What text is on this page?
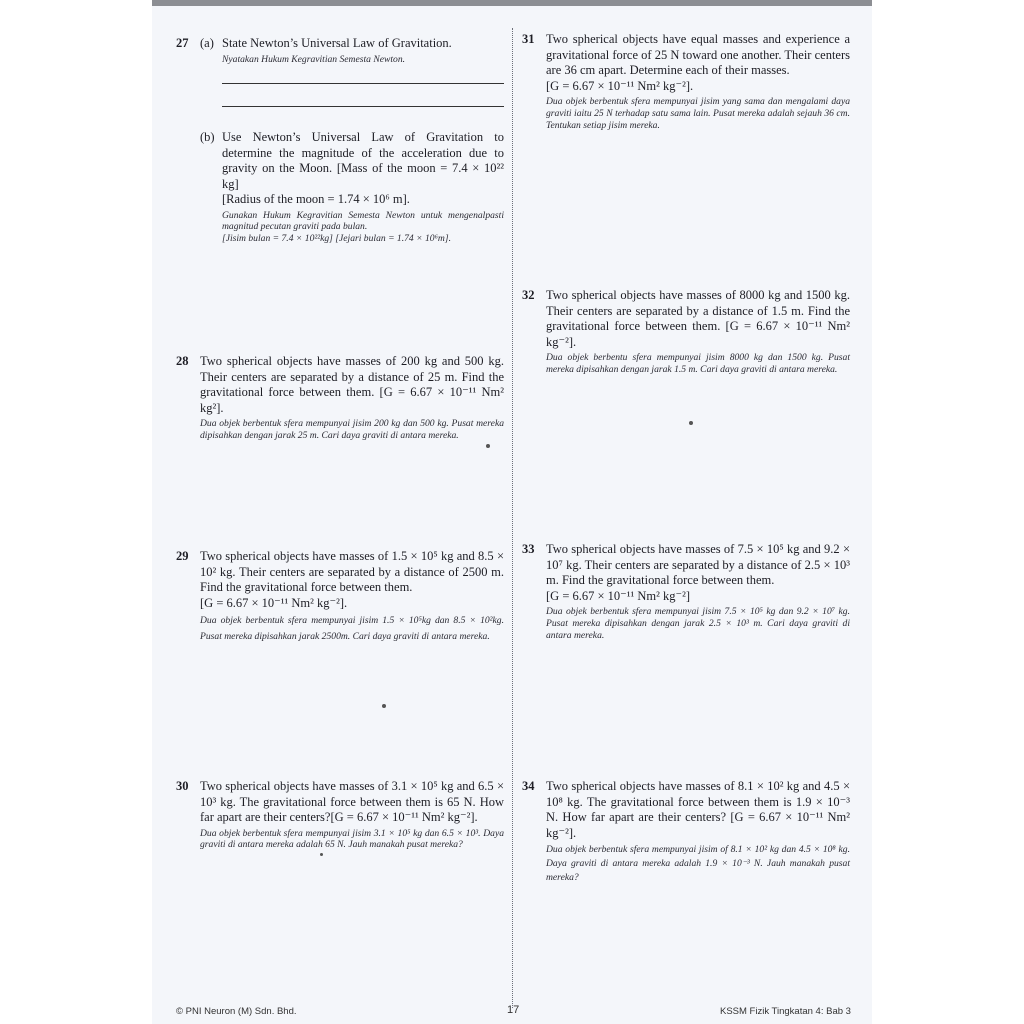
27 (a) State Newton’s Universal Law of Gravitation.
Nyatakan Hukum Kegravitian Semesta Newton.
(b) Use Newton’s Universal Law of Gravitation to determine the magnitude of the acceleration due to gravity on the Moon. [Mass of the moon = 7.4 × 10²² kg]
[Radius of the moon = 1.74 × 10⁶ m].
Gunakan Hukum Kegravitian Semesta Newton untuk mengenalpasti magnitud pecutan graviti pada bulan.
[Jisim bulan = 7.4 × 10²²kg] [Jejari bulan = 1.74 × 10⁶m].
28 Two spherical objects have masses of 200 kg and 500 kg. Their centers are separated by a distance of 25 m. Find the gravitational force between them. [G = 6.67 × 10⁻¹¹ Nm² kg²].
Dua objek berbentuk sfera mempunyai jisim 200 kg dan 500 kg. Pusat mereka dipisahkan dengan jarak 25 m. Cari daya graviti di antara mereka.
29 Two spherical objects have masses of 1.5 × 10⁵ kg and 8.5 × 10² kg. Their centers are separated by a distance of 2500 m. Find the gravitational force between them.
[G = 6.67 × 10⁻¹¹ Nm² kg⁻²].
Dua objek berbentuk sfera mempunyai jisim 1.5 × 10⁵kg dan 8.5 × 10²kg. Pusat mereka dipisahkan jarak 2500m. Cari daya graviti di antara mereka.
30 Two spherical objects have masses of 3.1 × 10⁵ kg and 6.5 × 10³ kg. The gravitational force between them is 65 N. How far apart are their centers?[G = 6.67 × 10⁻¹¹ Nm² kg⁻²].
Dua objek berbentuk sfera mempunyai jisim 3.1 × 10⁵ kg dan 6.5 × 10³. Daya graviti di antara mereka adalah 65 N. Jauh manakah pusat mereka?
31 Two spherical objects have equal masses and experience a gravitational force of 25 N toward one another. Their centers are 36 cm apart. Determine each of their masses.
[G = 6.67 × 10⁻¹¹ Nm² kg⁻²].
Dua objek berbentuk sfera mempunyai jisim yang sama dan mengalami daya graviti iaitu 25 N terhadap satu sama lain. Pusat mereka adalah sejauh 36 cm. Tentukan setiap jisim mereka.
32 Two spherical objects have masses of 8000 kg and 1500 kg. Their centers are separated by a distance of 1.5 m. Find the gravitational force between them. [G = 6.67 × 10⁻¹¹ Nm² kg⁻²].
Dua objek berbentu sfera mempunyai jisim 8000 kg dan 1500 kg. Pusat mereka dipisahkan dengan jarak 1.5 m. Cari daya graviti di antara mereka.
33 Two spherical objects have masses of 7.5 × 10⁵ kg and 9.2 × 10⁷ kg. Their centers are separated by a distance of 2.5 × 10³ m. Find the gravitational force between them.
[G = 6.67 × 10⁻¹¹ Nm² kg⁻²]
Dua objek berbentuk sfera mempunyai jisim 7.5 × 10⁵ kg dan 9.2 × 10⁷ kg. Pusat mereka dipisahkan dengan jarak 2.5 × 10³ m. Cari daya graviti di antara mereka.
34 Two spherical objects have masses of 8.1 × 10² kg and 4.5 × 10⁸ kg. The gravitational force between them is 1.9 × 10⁻³ N. How far apart are their centers? [G = 6.67 × 10⁻¹¹ Nm² kg⁻²].
Dua objek berbentuk sfera mempunyai jisim of 8.1 × 10² kg dan 4.5 × 10⁸ kg. Daya graviti di antara mereka adalah 1.9 × 10⁻³ N. Jauh manakah pusat mereka?
© PNI Neuron (M) Sdn. Bhd.	17	KSSM Fizik Tingkatan 4: Bab 3
